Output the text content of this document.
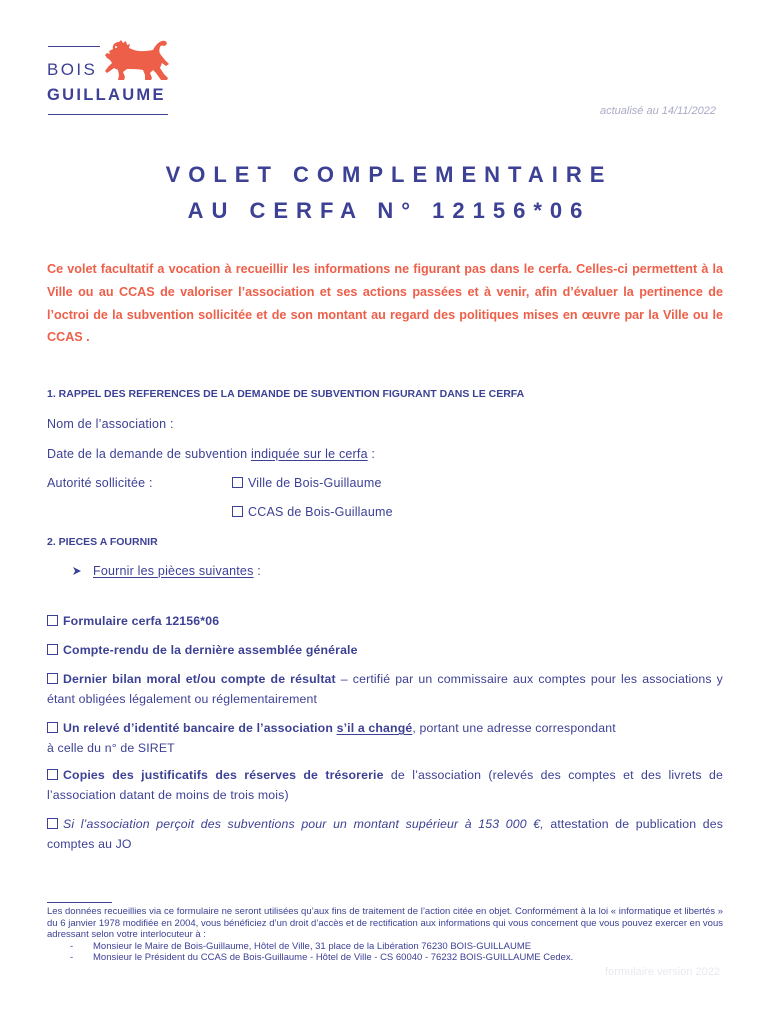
BOIS
GUILLAUME
actualisé au 14/11/2022
VOLET COMPLEMENTAIRE
AU CERFA N° 12156*06

Ce volet facultatif a vocation à recueillir les informations ne figurant pas dans le cerfa. Celles-ci permettent à la Ville ou au CCAS de valoriser l’association et ses actions passées et à venir, afin d’évaluer la pertinence de l’octroi de la subvention sollicitée et de son montant au regard des politiques mises en œuvre par la Ville ou le CCAS .

1. RAPPEL DES REFERENCES DE LA DEMANDE DE SUBVENTION FIGURANT DANS LE CERFA
Nom de l’association :
Date de la demande de subvention indiquée sur le cerfa :
Autorité sollicitée :	Ville de Bois-Guillaume
CCAS de Bois-Guillaume
2. PIECES A FOURNIR
Fournir les pièces suivantes :
Formulaire cerfa 12156*06
Compte-rendu de la dernière assemblée générale
Dernier bilan moral et/ou compte de résultat – certifié par un commissaire aux comptes pour les associations y étant obligées légalement ou réglementairement
Un relevé d’identité bancaire de l’association s’il a changé, portant une adresse correspondant
à celle du n° de SIRET
Copies des justificatifs des réserves de trésorerie de l’association (relevés des comptes et des livrets de l’association datant de moins de trois mois)
Si l’association perçoit des subventions pour un montant supérieur à 153 000 €, attestation de publication des comptes au JO

Les données recueillies via ce formulaire ne seront utilisées qu’aux fins de traitement de l’action citée en objet. Conformément à la loi « informatique et libertés » du 6 janvier 1978 modifiée en 2004, vous bénéficiez d’un droit d’accès et de rectification aux informations qui vous concernent que vous pouvez exercer en vous adressant selon votre interlocuteur à :

- Monsieur le Maire de Bois-Guillaume, Hôtel de Ville, 31 place de la Libération 76230 BOIS-GUILLAUME
- Monsieur le Président du CCAS de Bois-Guillaume - Hôtel de Ville - CS 60040 - 76232 BOIS-GUILLAUME Cedex.
formulaire version 2022
